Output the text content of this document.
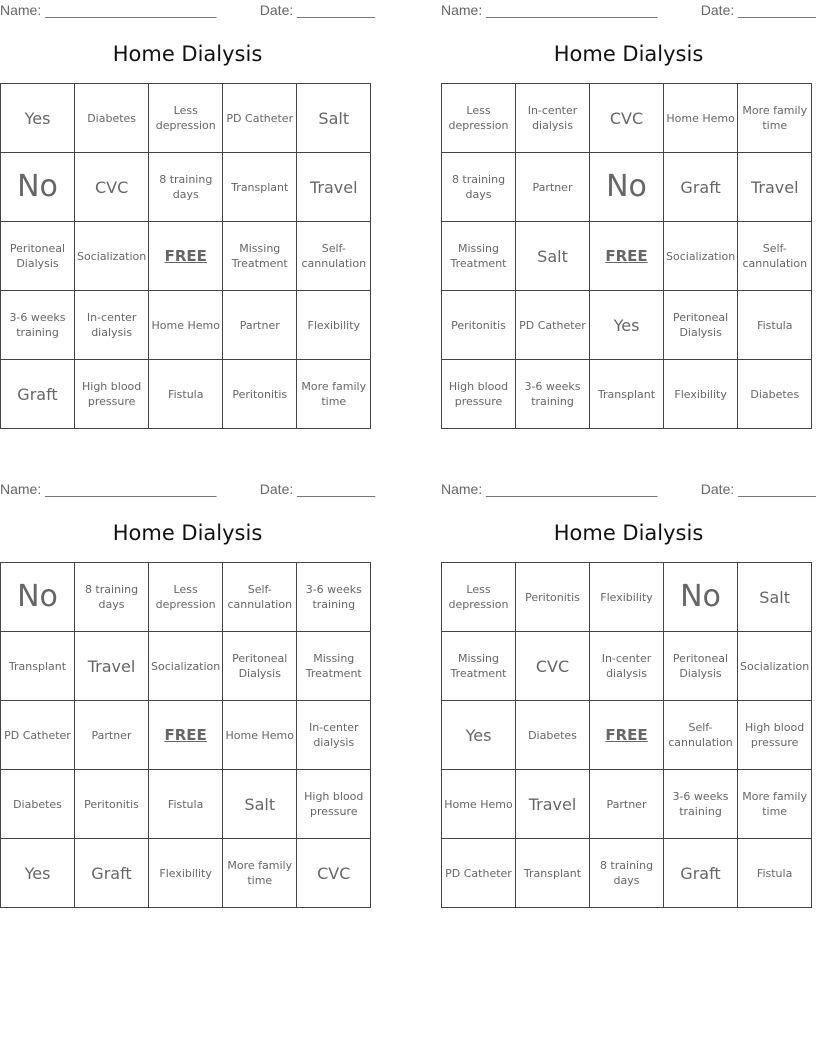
Name: ______________________	Date: __________
Home Dialysis
Yes	Diabetes	Less depression	PD Catheter	Salt
No	CVC	8 training days	Transplant	Travel
Peritoneal Dialysis	Socialization	FREE	Missing Treatment	Self-cannulation
3-6 weeks training	In-center dialysis	Home Hemo	Partner	Flexibility
Graft	High blood pressure	Fistula	Peritonitis	More family time
Name: ______________________	Date: __________
Home Dialysis
Less depression	In-center dialysis	CVC	Home Hemo	More family time
8 training days	Partner	No	Graft	Travel
Missing Treatment	Salt	FREE	Socialization	Self-cannulation
Peritonitis	PD Catheter	Yes	Peritoneal Dialysis	Fistula
High blood pressure	3-6 weeks training	Transplant	Flexibility	Diabetes
Name: ______________________	Date: __________
Home Dialysis
No	8 training days	Less depression	Self-cannulation	3-6 weeks training
Transplant	Travel	Socialization	Peritoneal Dialysis	Missing Treatment
PD Catheter	Partner	FREE	Home Hemo	In-center dialysis
Diabetes	Peritonitis	Fistula	Salt	High blood pressure
Yes	Graft	Flexibility	More family time	CVC
Name: ______________________	Date: __________
Home Dialysis
Less depression	Peritonitis	Flexibility	No	Salt
Missing Treatment	CVC	In-center dialysis	Peritoneal Dialysis	Socialization
Yes	Diabetes	FREE	Self-cannulation	High blood pressure
Home Hemo	Travel	Partner	3-6 weeks training	More family time
PD Catheter	Transplant	8 training days	Graft	Fistula
